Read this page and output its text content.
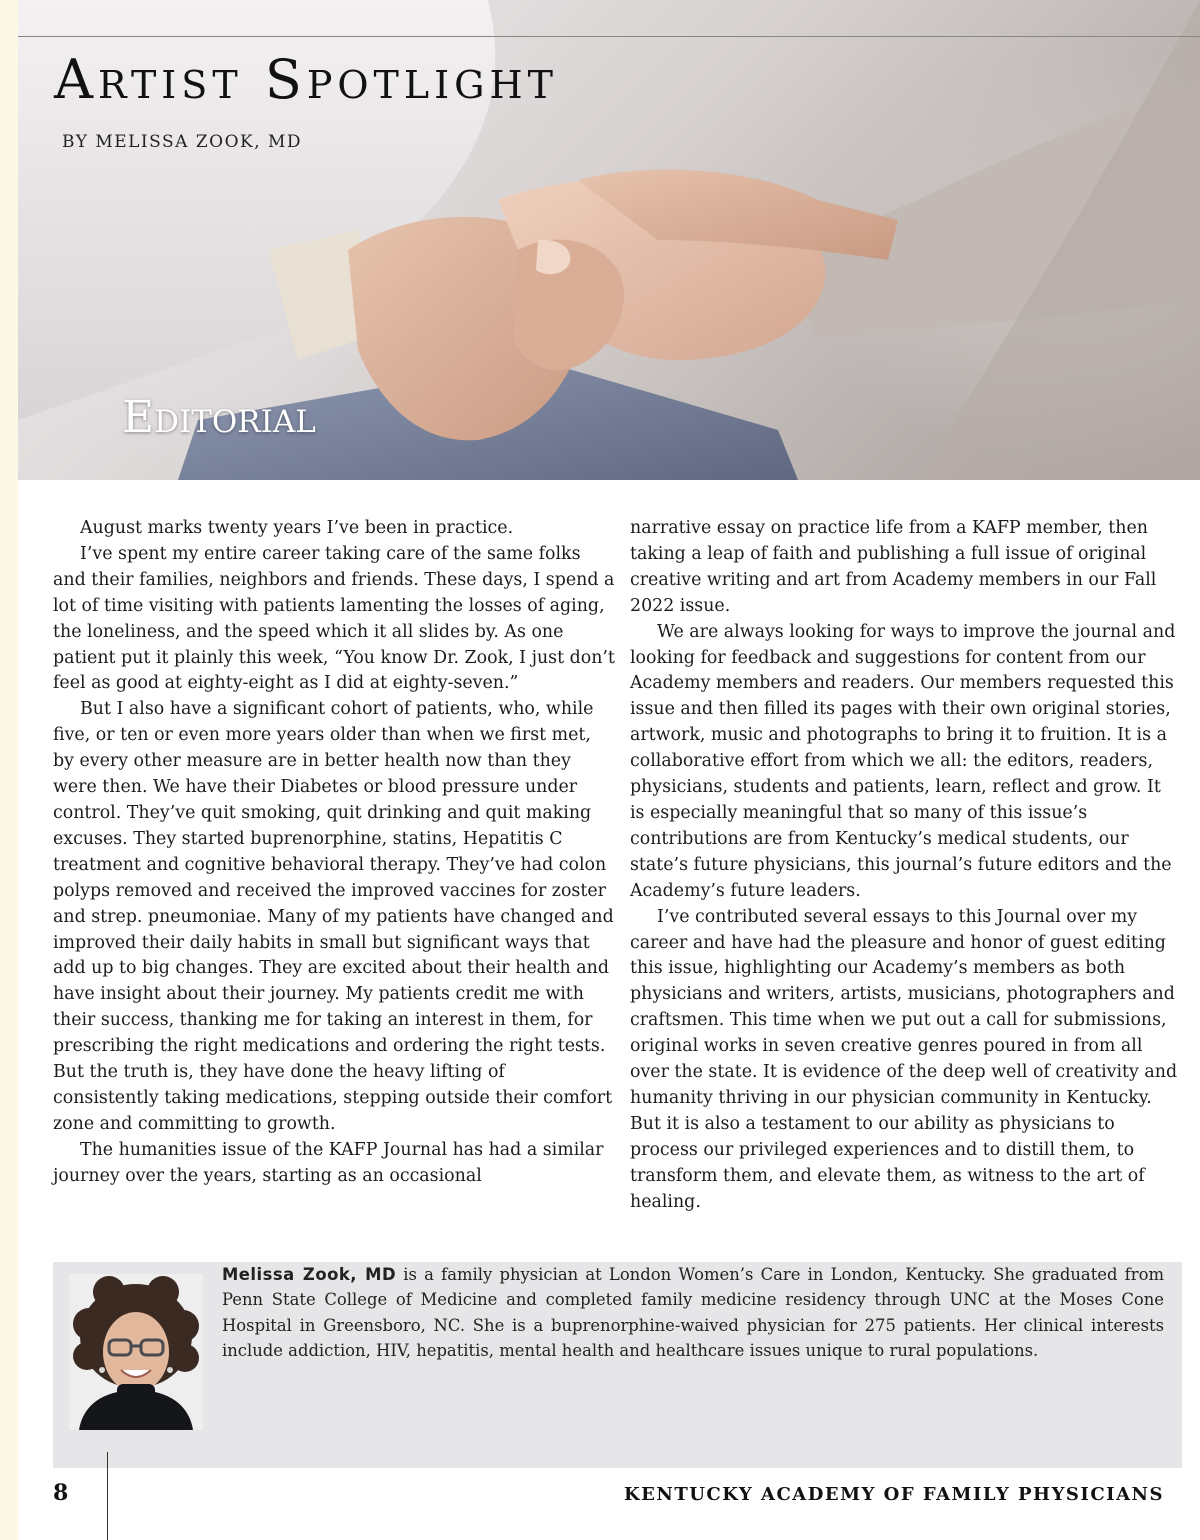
Artist Spotlight
BY MELISSA ZOOK, MD
Editorial

August marks twenty years I’ve been in practice.

I’ve spent my entire career taking care of the same folks and their families, neighbors and friends. These days, I spend a lot of time visiting with patients lamenting the losses of aging, the loneliness, and the speed which it all slides by. As one patient put it plainly this week, “You know Dr. Zook, I just don’t feel as good at eighty-eight as I did at eighty-seven.”

But I also have a significant cohort of patients, who, while five, or ten or even more years older than when we first met, by every other measure are in better health now than they were then. We have their Diabetes or blood pressure under control. They’ve quit smoking, quit drinking and quit making excuses. They started buprenorphine, statins, Hepatitis C treatment and cognitive behavioral therapy. They’ve had colon polyps removed and received the improved vaccines for zoster and strep. pneumoniae. Many of my patients have changed and improved their daily habits in small but significant ways that add up to big changes. They are excited about their health and have insight about their journey. My patients credit me with their success, thanking me for taking an interest in them, for prescribing the right medications and ordering the right tests. But the truth is, they have done the heavy lifting of consistently taking medications, stepping outside their comfort zone and committing to growth.

The humanities issue of the KAFP Journal has had a similar journey over the years, starting as an occasional

narrative essay on practice life from a KAFP member, then taking a leap of faith and publishing a full issue of original creative writing and art from Academy members in our Fall 2022 issue.

We are always looking for ways to improve the journal and looking for feedback and suggestions for content from our Academy members and readers. Our members requested this issue and then filled its pages with their own original stories, artwork, music and photographs to bring it to fruition. It is a collaborative effort from which we all: the editors, readers, physicians, students and patients, learn, reflect and grow. It is especially meaningful that so many of this issue’s contributions are from Kentucky’s medical students, our state’s future physicians, this journal’s future editors and the Academy’s future leaders.

I’ve contributed several essays to this Journal over my career and have had the pleasure and honor of guest editing this issue, highlighting our Academy’s members as both physicians and writers, artists, musicians, photographers and craftsmen. This time when we put out a call for submissions, original works in seven creative genres poured in from all over the state. It is evidence of the deep well of creativity and humanity thriving in our physician community in Kentucky. But it is also a testament to our ability as physicians to process our privileged experiences and to distill them, to transform them, and elevate them, as witness to the art of healing.

Melissa Zook, MD is a family physician at London Women’s Care in London, Kentucky. She graduated from Penn State College of Medicine and completed family medicine residency through UNC at the Moses Cone Hospital in Greensboro, NC. She is a buprenorphine-waived physician for 275 patients. Her clinical interests include addiction, HIV, hepatitis, mental health and healthcare issues unique to rural populations.
8	KENTUCKY ACADEMY OF FAMILY PHYSICIANS
